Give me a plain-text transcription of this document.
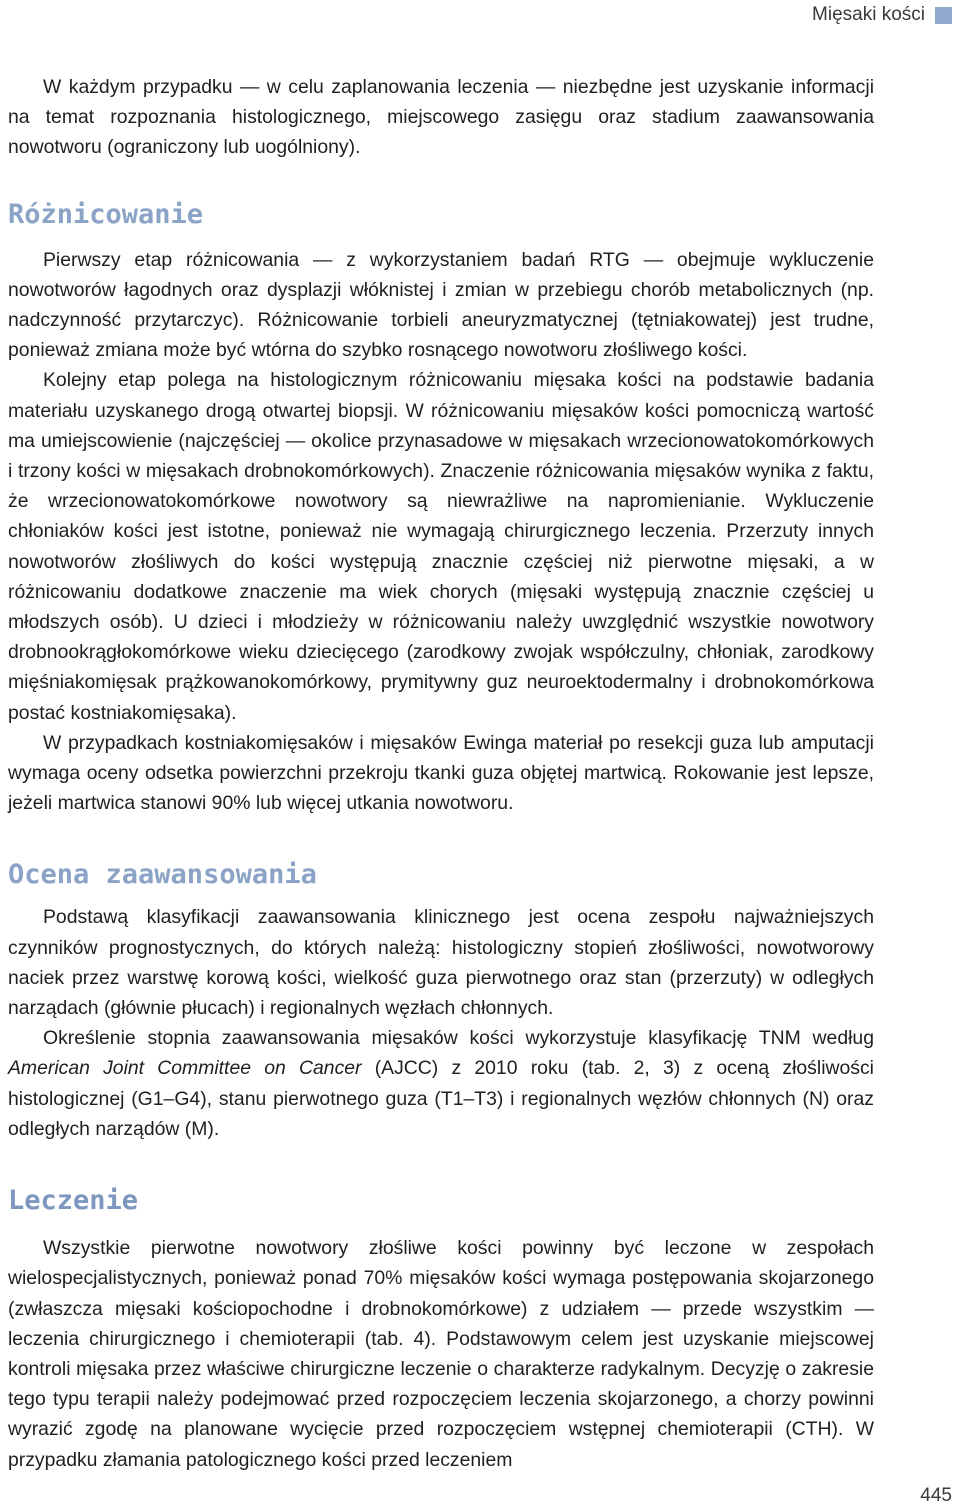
Mięsaki kości

W każdym przypadku — w celu zaplanowania leczenia — niezbędne jest uzyskanie informacji na temat rozpoznania histologicznego, miejscowego zasięgu oraz stadium zaawansowania nowotworu (ograniczony lub uogólniony).

Różnicowanie

Pierwszy etap różnicowania — z wykorzystaniem badań RTG — obejmuje wykluczenie nowotworów łagodnych oraz dysplazji włóknistej i zmian w przebiegu chorób metabolicznych (np. nadczynność przytarczyc). Różnicowanie torbieli aneuryzmatycznej (tętniakowatej) jest trudne, ponieważ zmiana może być wtórna do szybko rosnącego nowotworu złośliwego kości.

Kolejny etap polega na histologicznym różnicowaniu mięsaka kości na podstawie badania materiału uzyskanego drogą otwartej biopsji. W różnicowaniu mięsaków kości pomocniczą wartość ma umiejscowienie (najczęściej — okolice przynasadowe w mięsakach wrzecionowatokomórkowych i trzony kości w mięsakach drobnokomórkowych). Znaczenie różnicowania mięsaków wynika z faktu, że wrzecionowatokomórkowe nowotwory są niewrażliwe na napromienianie. Wykluczenie chłoniaków kości jest istotne, ponieważ nie wymagają chirurgicznego leczenia. Przerzuty innych nowotworów złośliwych do kości występują znacznie częściej niż pierwotne mięsaki, a w różnicowaniu dodatkowe znaczenie ma wiek chorych (mięsaki występują znacznie częściej u młodszych osób). U dzieci i młodzieży w różnicowaniu należy uwzględnić wszystkie nowotwory drobnookrągłokomórkowe wieku dziecięcego (zarodkowy zwojak współczulny, chłoniak, zarodkowy mięśniakomięsak prążkowanokomórkowy, prymitywny guz neuroektodermalny i drobnokomórkowa postać kostniakomięsaka).

W przypadkach kostniakomięsaków i mięsaków Ewinga materiał po resekcji guza lub amputacji wymaga oceny odsetka powierzchni przekroju tkanki guza objętej martwicą. Rokowanie jest lepsze, jeżeli martwica stanowi 90% lub więcej utkania nowotworu.

Ocena zaawansowania

Podstawą klasyfikacji zaawansowania klinicznego jest ocena zespołu najważniejszych czynników prognostycznych, do których należą: histologiczny stopień złośliwości, nowotworowy naciek przez warstwę korową kości, wielkość guza pierwotnego oraz stan (przerzuty) w odległych narządach (głównie płucach) i regionalnych węzłach chłonnych.

Określenie stopnia zaawansowania mięsaków kości wykorzystuje klasyfikację TNM według American Joint Committee on Cancer (AJCC) z 2010 roku (tab. 2, 3) z oceną złośliwości histologicznej (G1–G4), stanu pierwotnego guza (T1–T3) i regionalnych węzłów chłonnych (N) oraz odległych narządów (M).

Leczenie

Wszystkie pierwotne nowotwory złośliwe kości powinny być leczone w zespołach wielospecjalistycznych, ponieważ ponad 70% mięsaków kości wymaga postępowania skojarzonego (zwłaszcza mięsaki kościopochodne i drobnokomórkowe) z udziałem — przede wszystkim — leczenia chirurgicznego i chemioterapii (tab. 4). Podstawowym celem jest uzyskanie miejscowej kontroli mięsaka przez właściwe chirurgiczne leczenie o charakterze radykalnym. Decyzję o zakresie tego typu terapii należy podejmować przed rozpoczęciem leczenia skojarzonego, a chorzy powinni wyrazić zgodę na planowane wycięcie przed rozpoczęciem wstępnej chemioterapii (CTH). W przypadku złamania patologicznego kości przed leczeniem

445
